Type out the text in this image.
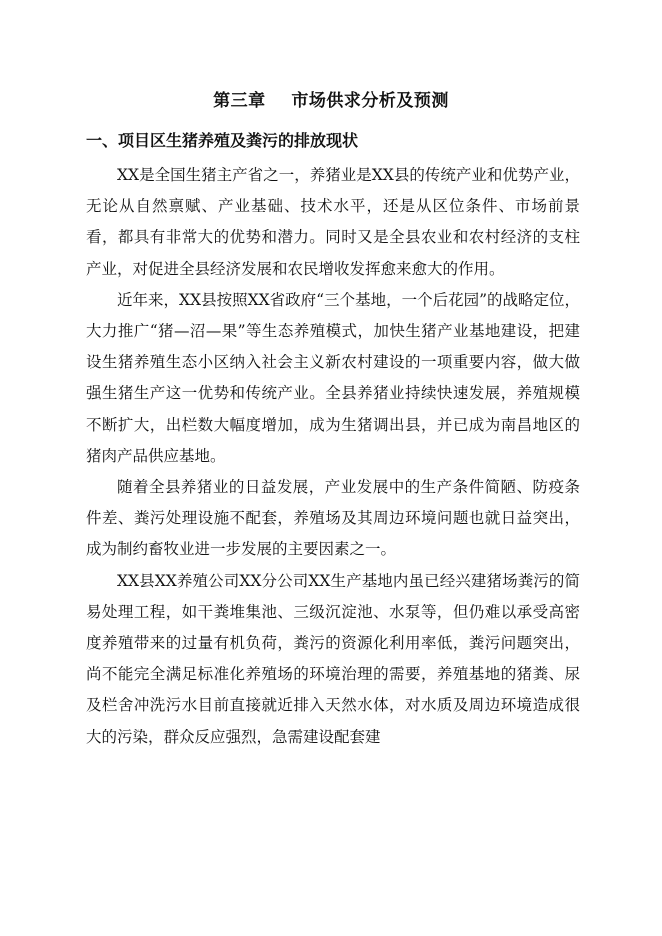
第三章    市场供求分析及预测
一、项目区生猪养殖及粪污的排放现状

XX是全国生猪主产省之一，养猪业是XX县的传统产业和优势产业，无论从自然禀赋、产业基础、技术水平，还是从区位条件、市场前景看，都具有非常大的优势和潜力。同时又是全县农业和农村经济的支柱产业，对促进全县经济发展和农民增收发挥愈来愈大的作用。

近年来，XX县按照XX省政府“三个基地，一个后花园”的战略定位，大力推广“猪—沼—果”等生态养殖模式，加快生猪产业基地建设，把建设生猪养殖生态小区纳入社会主义新农村建设的一项重要内容，做大做强生猪生产这一优势和传统产业。全县养猪业持续快速发展，养殖规模不断扩大，出栏数大幅度增加，成为生猪调出县，并已成为南昌地区的猪肉产品供应基地。

随着全县养猪业的日益发展，产业发展中的生产条件简陋、防疫条件差、粪污处理设施不配套，养殖场及其周边环境问题也就日益突出，成为制约畜牧业进一步发展的主要因素之一。

XX县XX养殖公司XX分公司XX生产基地内虽已经兴建猪场粪污的简易处理工程，如干粪堆集池、三级沉淀池、水泵等，但仍难以承受高密度养殖带来的过量有机负荷，粪污的资源化利用率低，粪污问题突出，尚不能完全满足标准化养殖场的环境治理的需要，养殖基地的猪粪、尿及栏舍冲洗污水目前直接就近排入天然水体，对水质及周边环境造成很大的污染，群众反应强烈，急需建设配套建
